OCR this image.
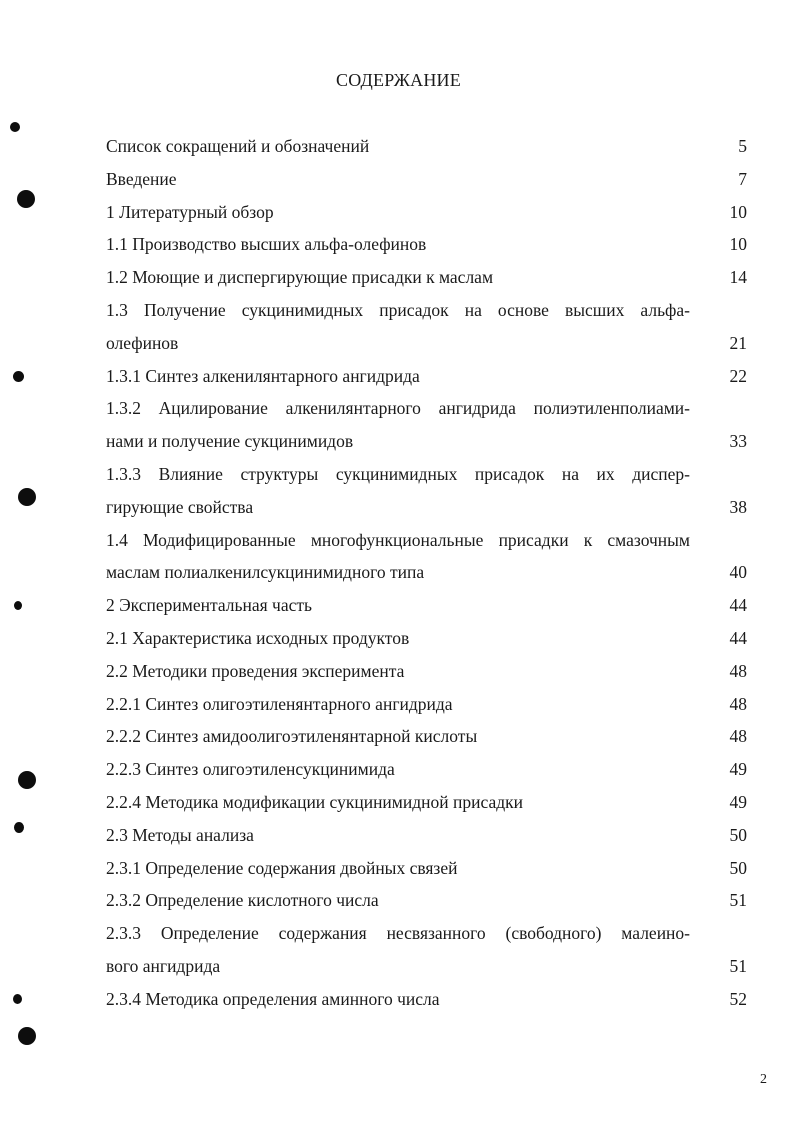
СОДЕРЖАНИЕ
Список сокращений и обозначений	5
Введение	7
1 Литературный обзор	10
1.1 Производство высших альфа-олефинов	10
1.2 Моющие и диспергирующие присадки к маслам	14
1.3 Получение сукцинимидных присадок на основе высших альфа-
олефинов	21
1.3.1 Синтез алкенилянтарного ангидрида	22
1.3.2 Ацилирование алкенилянтарного ангидрида полиэтиленполиами-
нами и получение сукцинимидов	33
1.3.3 Влияние структуры сукцинимидных присадок на их диспер-
гирующие свойства	38
1.4 Модифицированные многофункциональные присадки к смазочным
маслам полиалкенилсукцинимидного типа	40
2 Экспериментальная часть	44
2.1 Характеристика исходных продуктов	44
2.2 Методики проведения эксперимента	48
2.2.1 Синтез олигоэтиленянтарного ангидрида	48
2.2.2 Синтез амидоолигоэтиленянтарной кислоты	48
2.2.3 Синтез олигоэтиленсукцинимида	49
2.2.4 Методика модификации сукцинимидной присадки	49
2.3 Методы анализа	50
2.3.1 Определение содержания двойных связей	50
2.3.2 Определение кислотного числа	51
2.3.3 Определение содержания несвязанного (свободного) малеино-
вого ангидрида	51
2.3.4 Методика определения аминного числа	52
2
